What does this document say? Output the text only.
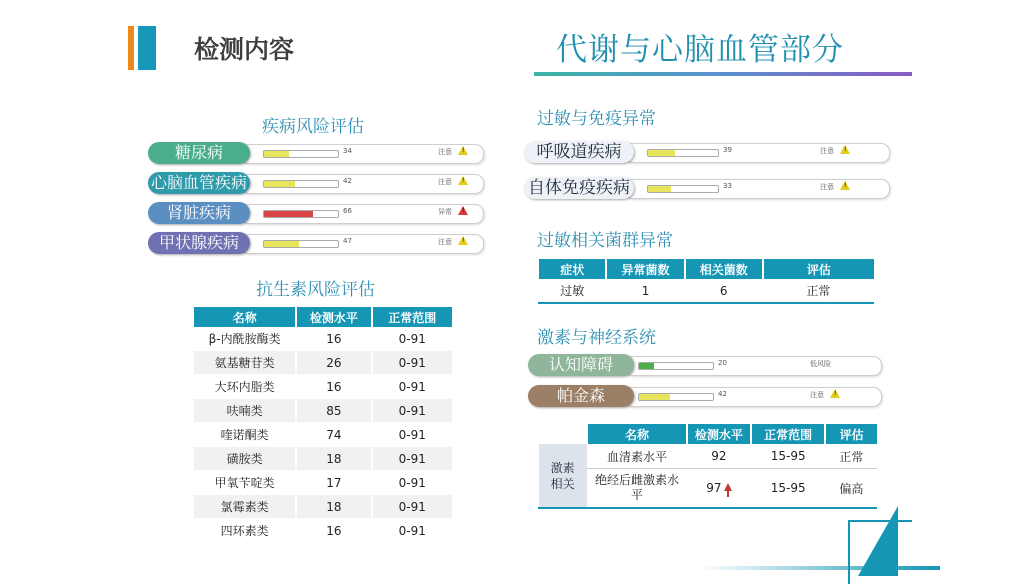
检测内容	代谢与心脑血管部分
疾病风险评估
糖尿病	34	注意
!
心脑血管疾病	42	注意
!
肾脏疾病	66	异常
!
甲状腺疾病	47	注意
!
抗生素风险评估
名称	检测水平	正常范围
β-内酰胺酶类	16	0-91
氨基糖苷类	26	0-91
大环内脂类	16	0-91
呋喃类	85	0-91
喹诺酮类	74	0-91
磺胺类	18	0-91
甲氧苄啶类	17	0-91
氯霉素类	18	0-91
四环素类	16	0-91
过敏与免疫异常
呼吸道疾病	39	注意
!
自体免疫疾病	33	注意
!
过敏相关菌群异常
症状	异常菌数	相关菌数	评估
过敏	1	6	正常
激素与神经系统
认知障碍	20	低风险
帕金森	42	注意
!
	名称	检测水平	正常范围	评估
激素相关	血清素水平	92	15-95	正常
	绝经后雌激素水平	97	15-95	偏高
